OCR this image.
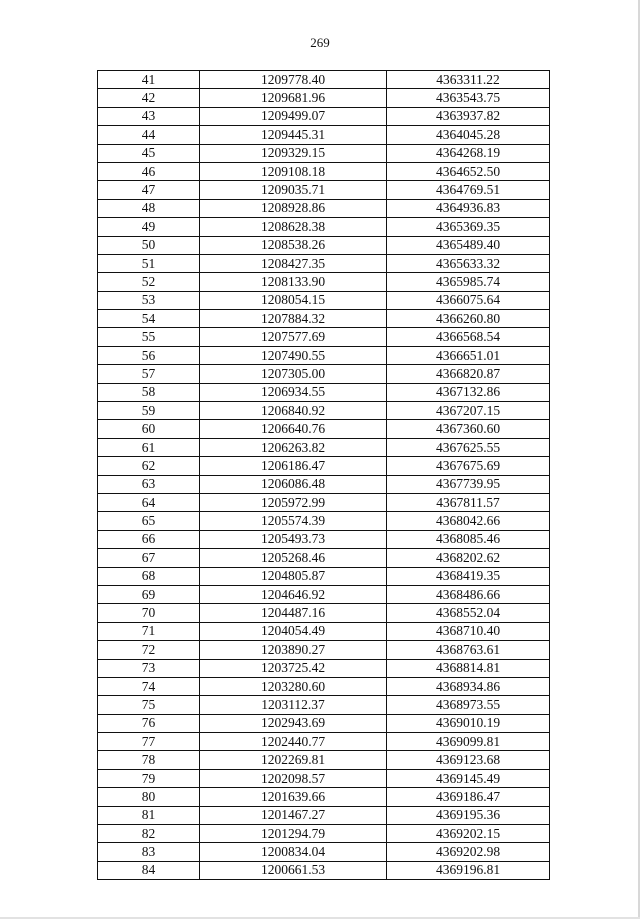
269
41	1209778.40	4363311.22
42	1209681.96	4363543.75
43	1209499.07	4363937.82
44	1209445.31	4364045.28
45	1209329.15	4364268.19
46	1209108.18	4364652.50
47	1209035.71	4364769.51
48	1208928.86	4364936.83
49	1208628.38	4365369.35
50	1208538.26	4365489.40
51	1208427.35	4365633.32
52	1208133.90	4365985.74
53	1208054.15	4366075.64
54	1207884.32	4366260.80
55	1207577.69	4366568.54
56	1207490.55	4366651.01
57	1207305.00	4366820.87
58	1206934.55	4367132.86
59	1206840.92	4367207.15
60	1206640.76	4367360.60
61	1206263.82	4367625.55
62	1206186.47	4367675.69
63	1206086.48	4367739.95
64	1205972.99	4367811.57
65	1205574.39	4368042.66
66	1205493.73	4368085.46
67	1205268.46	4368202.62
68	1204805.87	4368419.35
69	1204646.92	4368486.66
70	1204487.16	4368552.04
71	1204054.49	4368710.40
72	1203890.27	4368763.61
73	1203725.42	4368814.81
74	1203280.60	4368934.86
75	1203112.37	4368973.55
76	1202943.69	4369010.19
77	1202440.77	4369099.81
78	1202269.81	4369123.68
79	1202098.57	4369145.49
80	1201639.66	4369186.47
81	1201467.27	4369195.36
82	1201294.79	4369202.15
83	1200834.04	4369202.98
84	1200661.53	4369196.81
